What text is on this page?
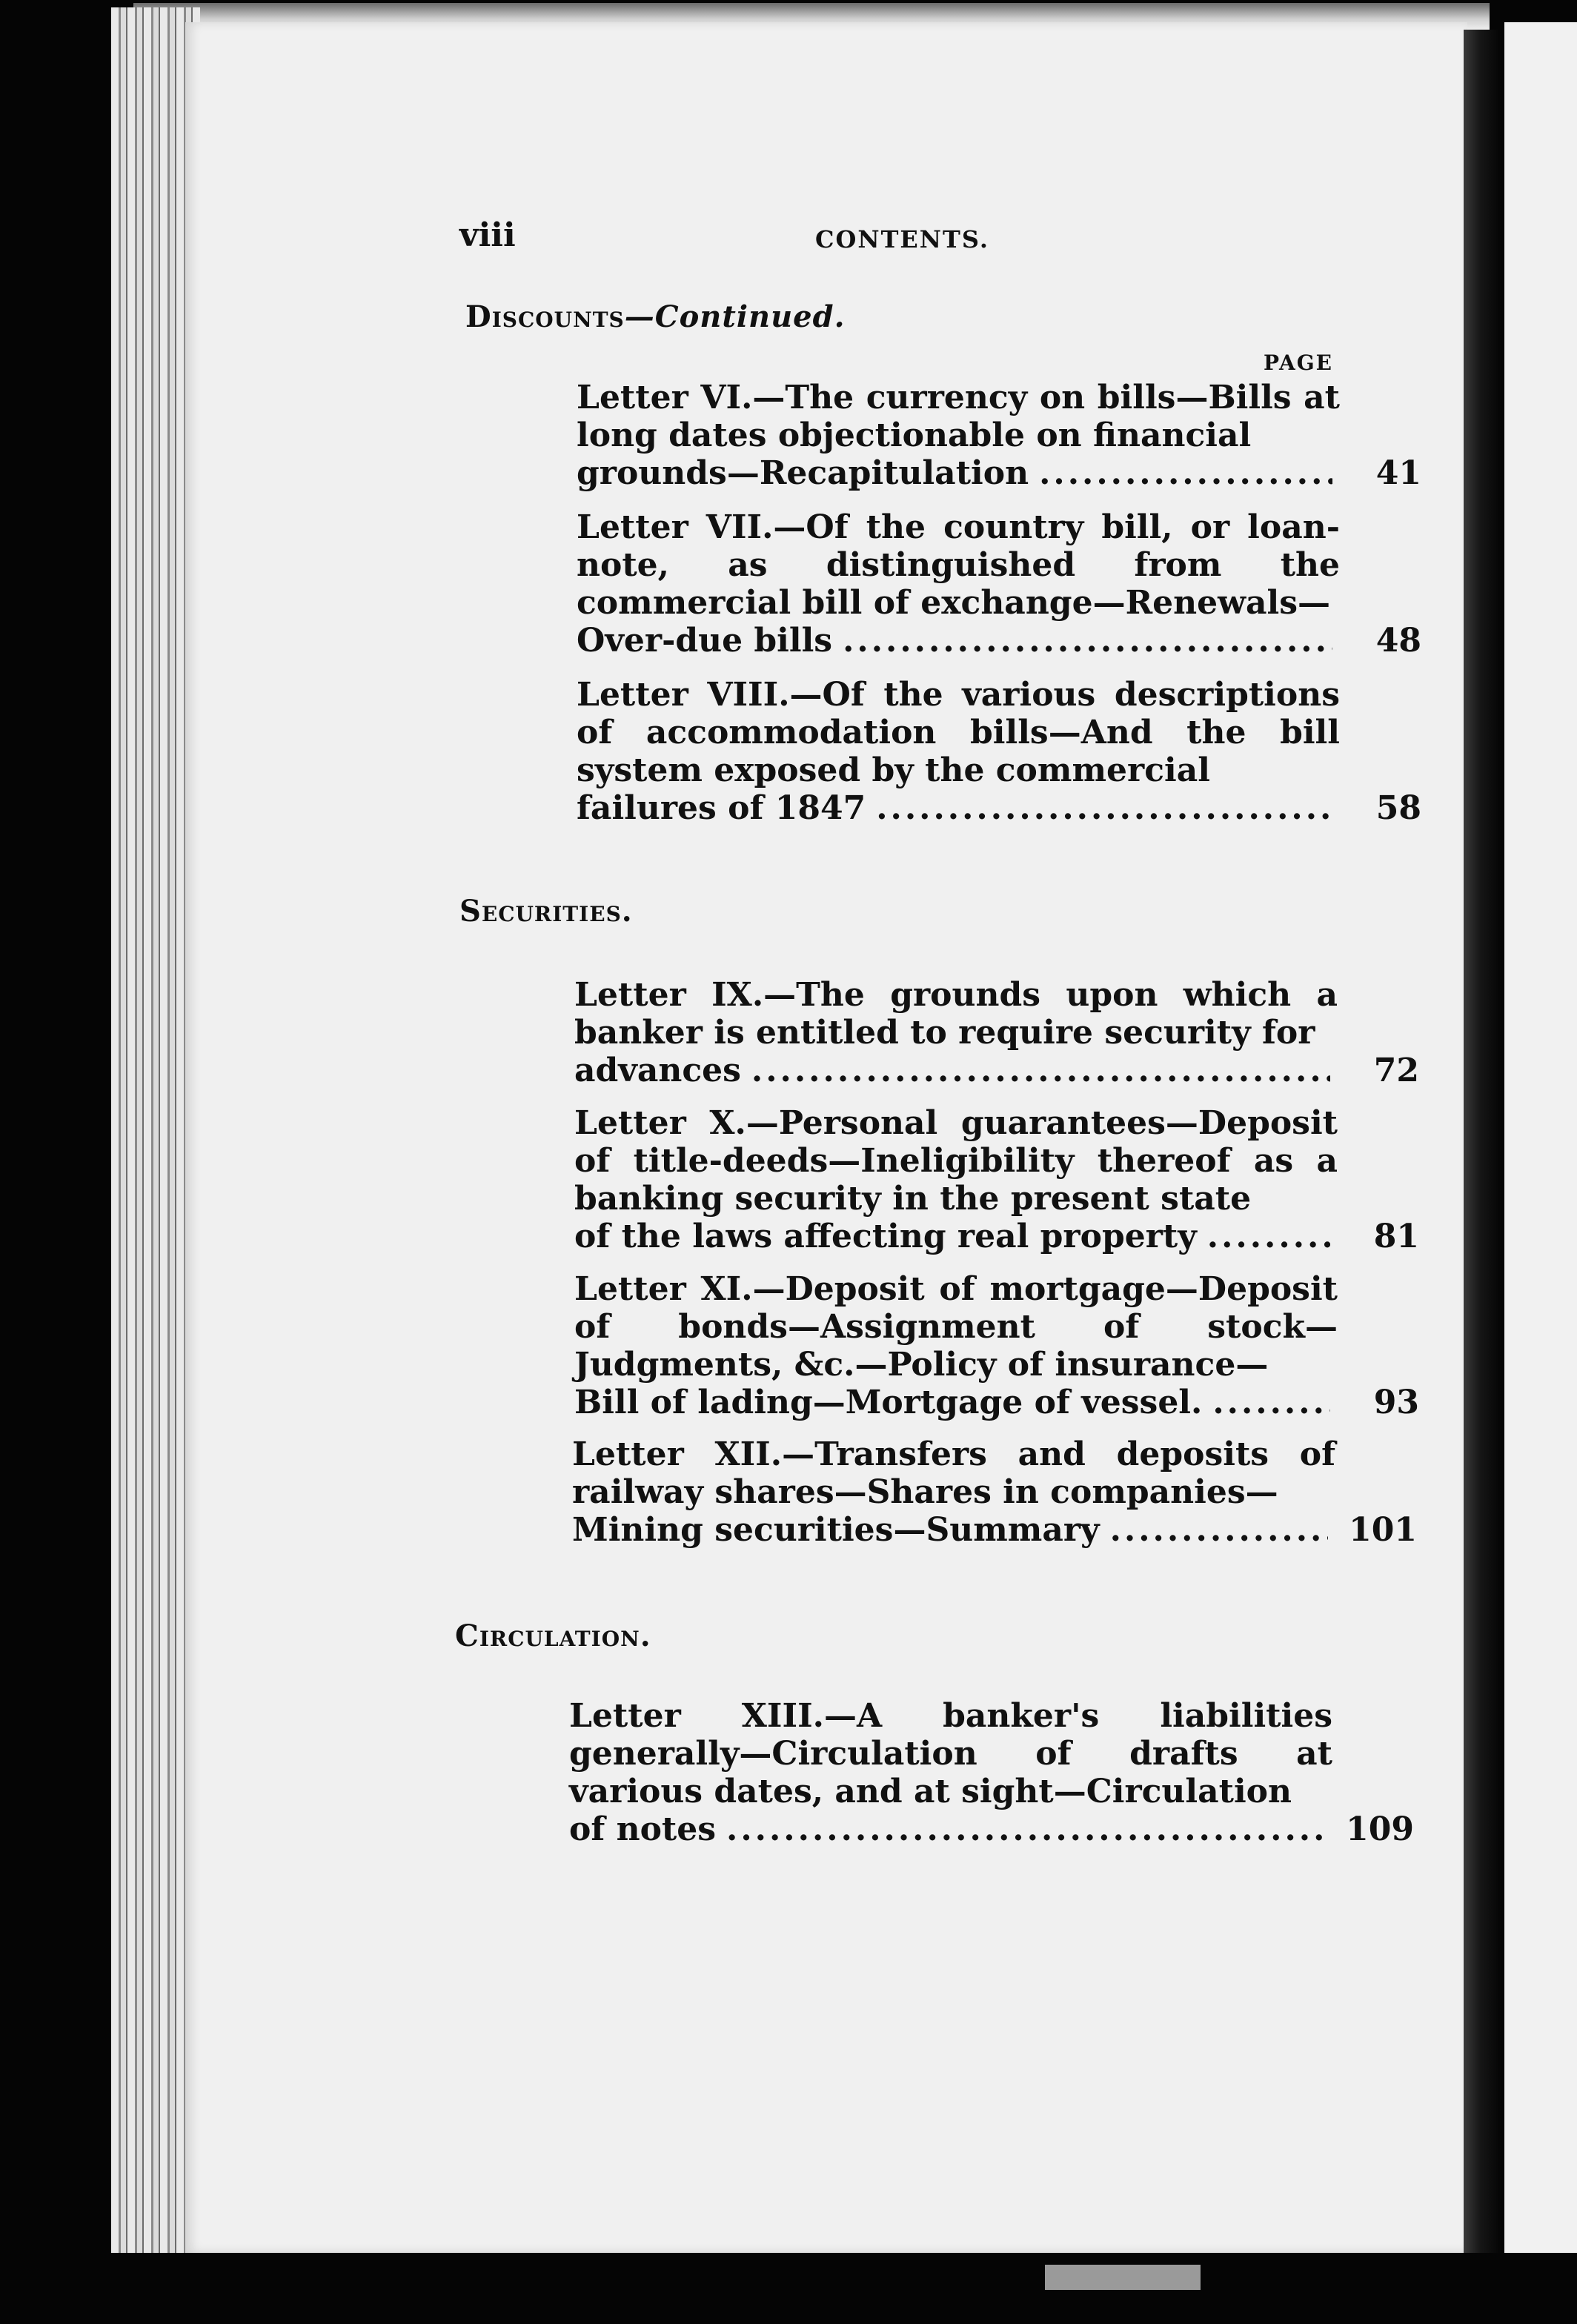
viii	CONTENTS.
Discounts—Continued.
PAGE
Letter VI.—The currency on bills—Bills at long dates objectionable on financial
grounds—Recapitulation .....	41
Letter VII.—Of the country bill, or loan-note, as distinguished from the commercial bill of exchange—Renewals—
Over-due bills .....	48
Letter VIII.—Of the various descriptions of accommodation bills—And the bill system exposed by the commercial
failures of 1847 .....	58
Securities.
Letter IX.—The grounds upon which a banker is entitled to require security for
advances .....	72
Letter X.—Personal guarantees—Deposit of title-deeds—Ineligibility thereof as a banking security in the present state
of the laws affecting real property .....	81
Letter XI.—Deposit of mortgage—Deposit of bonds—Assignment of stock—Judgments, &c.—Policy of insurance—
Bill of lading—Mortgage of vessel. .....	93
Letter XII.—Transfers and deposits of railway shares—Shares in companies—
Mining securities—Summary .....	101
Circulation.
Letter XIII.—A banker's liabilities generally—Circulation of drafts at various dates, and at sight—Circulation
of notes .....	109
